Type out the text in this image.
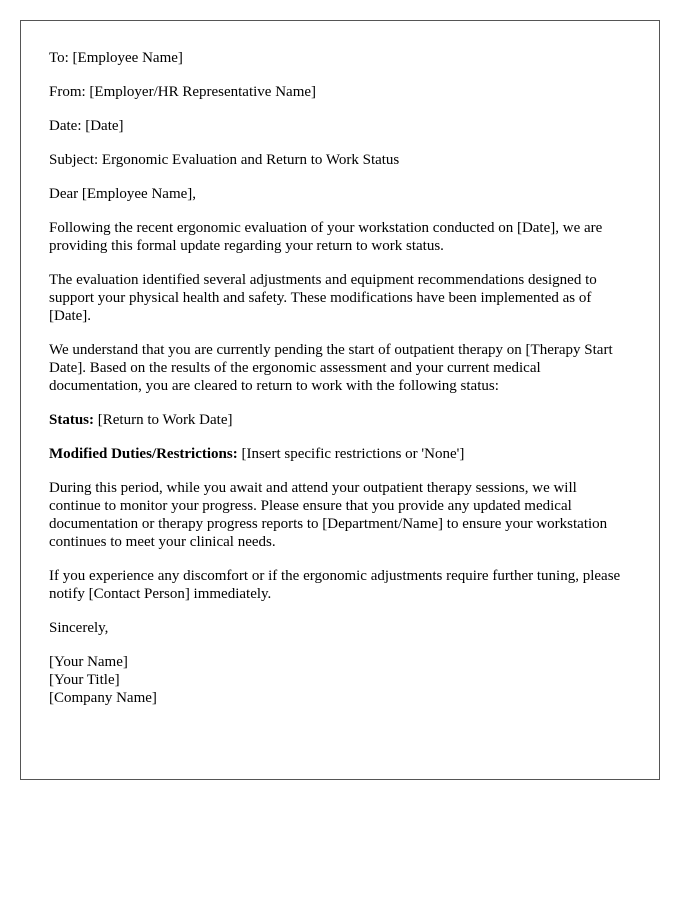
To: [Employee Name]

From: [Employer/HR Representative Name]

Date: [Date]

Subject: Ergonomic Evaluation and Return to Work Status

Dear [Employee Name],

Following the recent ergonomic evaluation of your workstation conducted on [Date], we are providing this formal update regarding your return to work status.

The evaluation identified several adjustments and equipment recommendations designed to support your physical health and safety. These modifications have been implemented as of [Date].

We understand that you are currently pending the start of outpatient therapy on [Therapy Start Date]. Based on the results of the ergonomic assessment and your current medical documentation, you are cleared to return to work with the following status:

Status: [Return to Work Date]

Modified Duties/Restrictions: [Insert specific restrictions or 'None']

During this period, while you await and attend your outpatient therapy sessions, we will continue to monitor your progress. Please ensure that you provide any updated medical documentation or therapy progress reports to [Department/Name] to ensure your workstation continues to meet your clinical needs.

If you experience any discomfort or if the ergonomic adjustments require further tuning, please notify [Contact Person] immediately.

Sincerely,

[Your Name]

[Your Title]

[Company Name]
